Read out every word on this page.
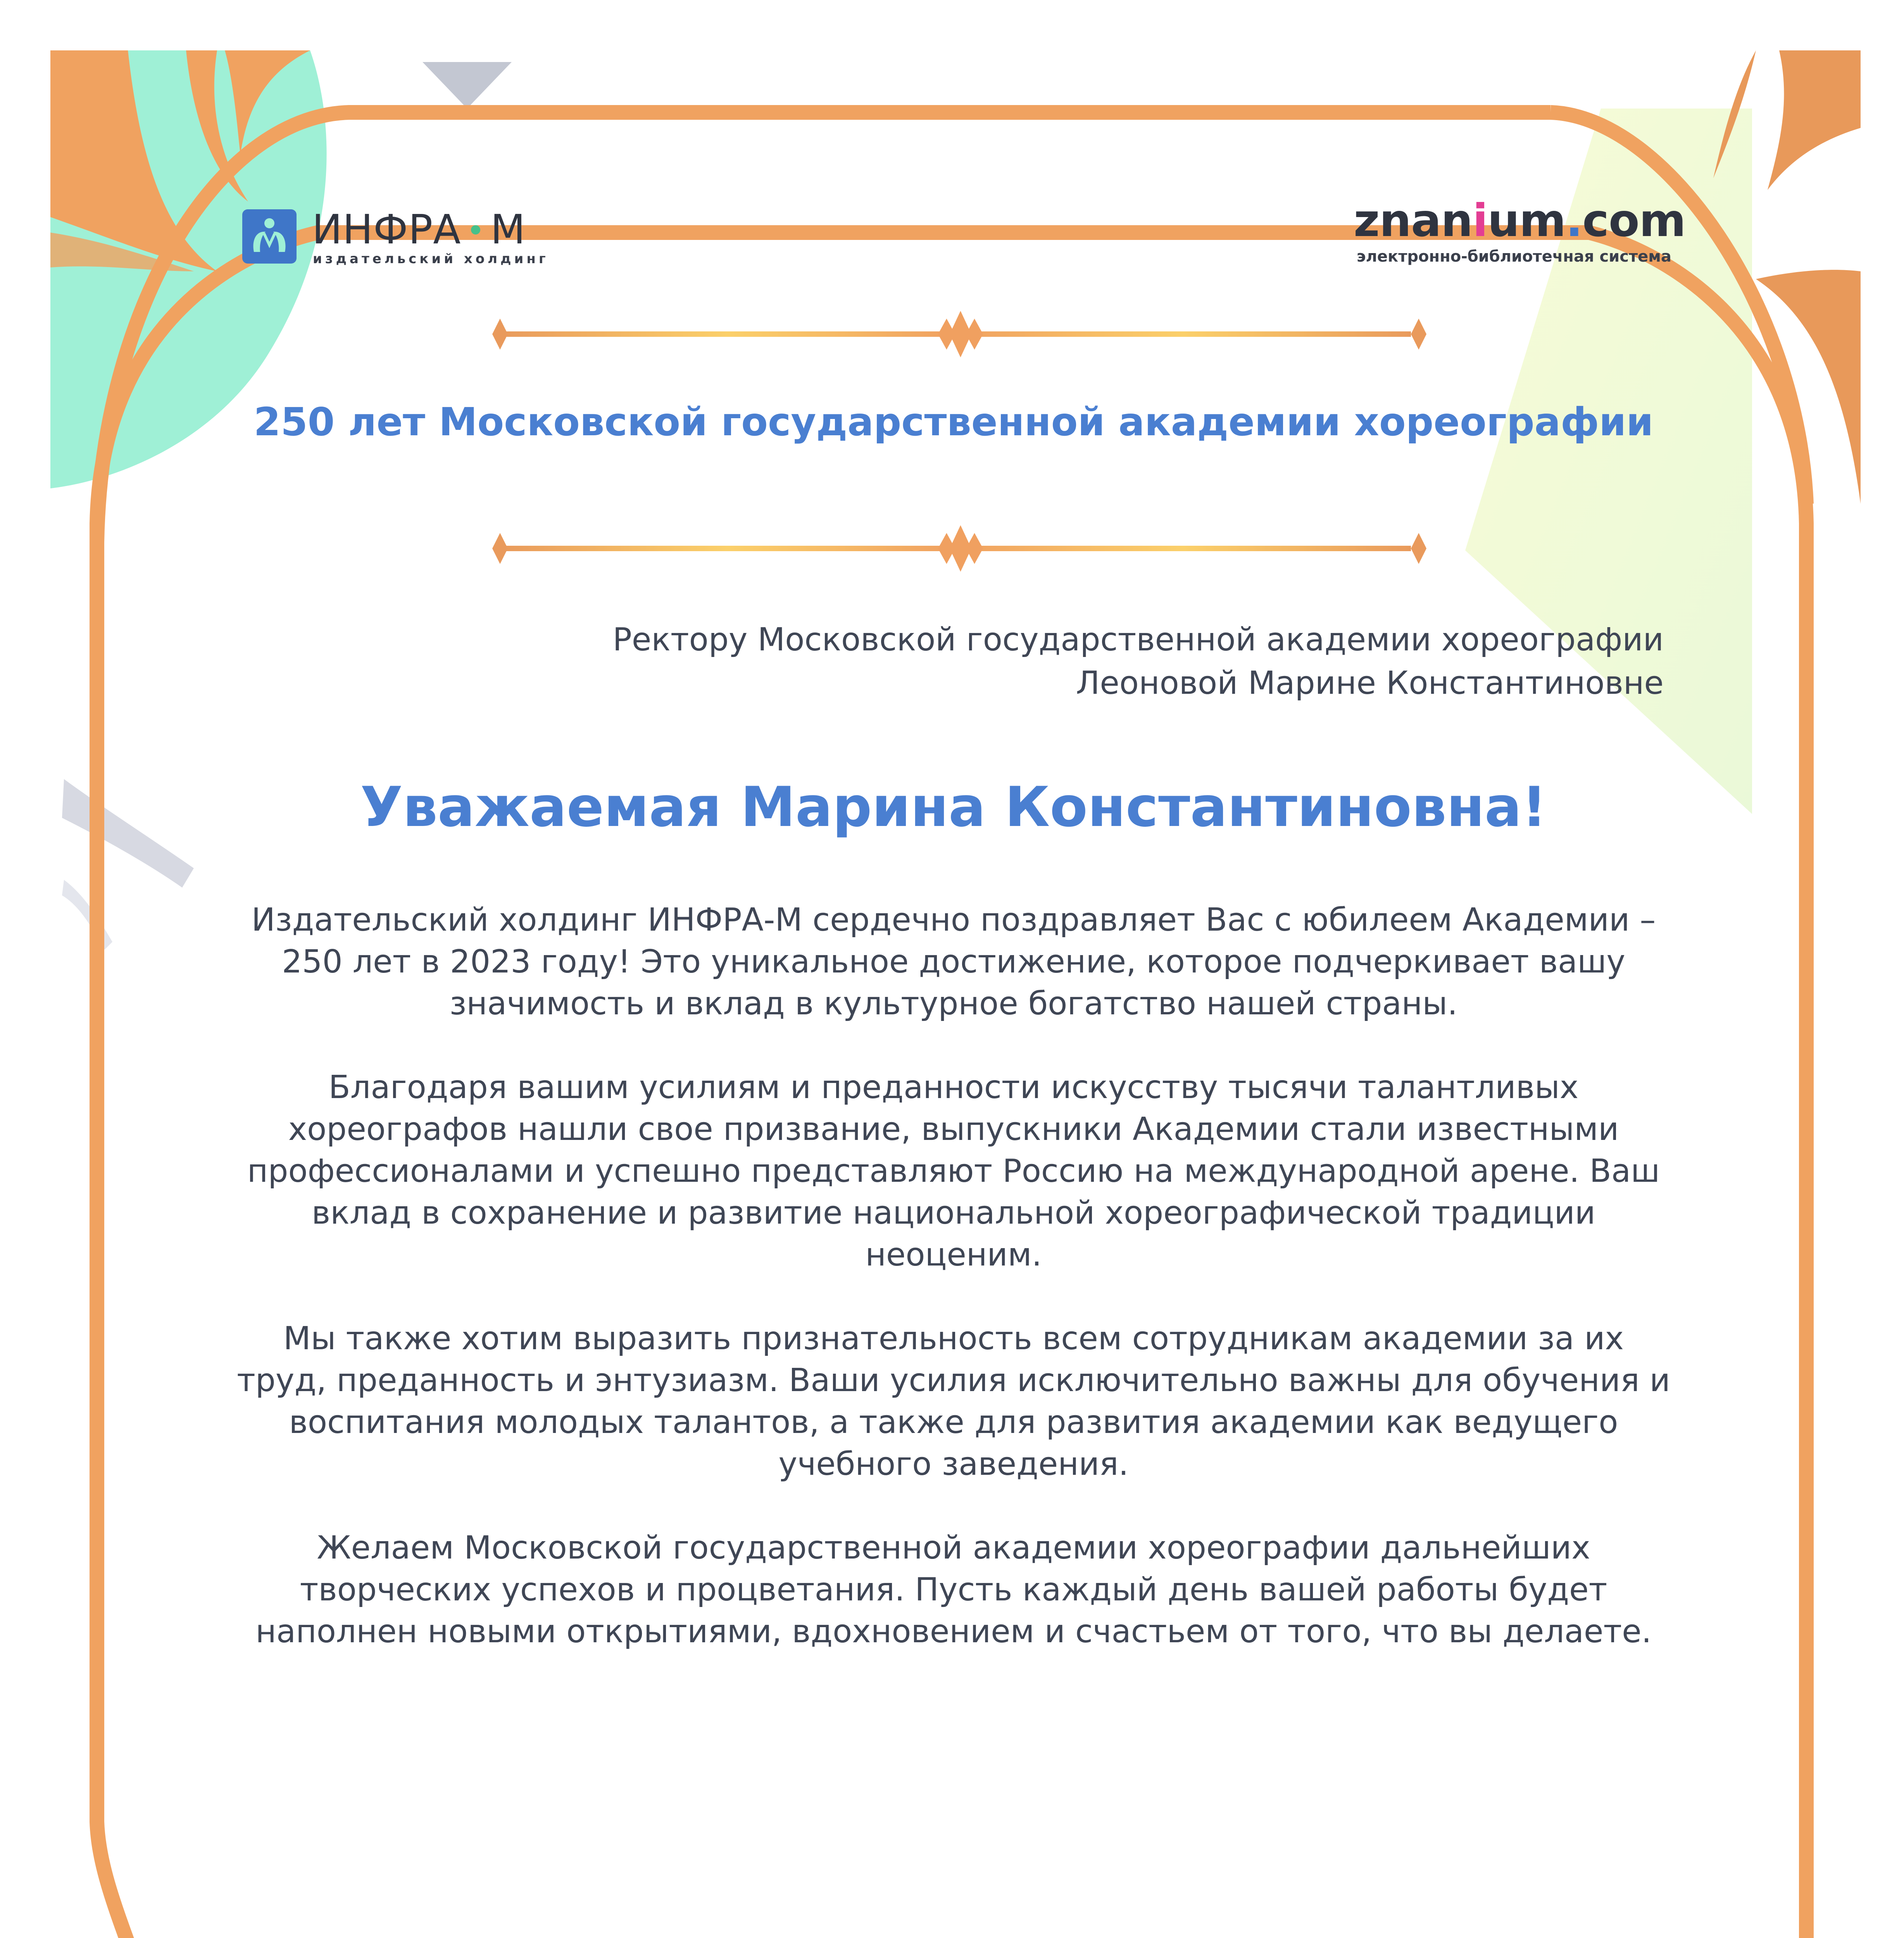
ИНФРА М
издательский холдинг
znanium.com
электронно-библиотечная система
250 лет Московской государственной академии хореографии
Ректору Московской государственной академии хореографии
Леоновой Марине Константиновне
Уважаемая Марина Константиновна!

Издательский холдинг ИНФРА-М сердечно поздравляет Вас с юбилеем Академии – 250 лет в 2023 году! Это уникальное достижение, которое подчеркивает вашу значимость и вклад в культурное богатство нашей страны.

Благодаря вашим усилиям и преданности искусству тысячи талантливых хореографов нашли свое призвание, выпускники Академии стали известными профессионалами и успешно представляют Россию на международной арене. Ваш вклад в сохранение и развитие национальной хореографической традиции неоценим.

Мы также хотим выразить признательность всем сотрудникам академии за их труд, преданность и энтузиазм. Ваши усилия исключительно важны для обучения и воспитания молодых талантов, а также для развития академии как ведущего учебного заведения.

Желаем Московской государственной академии хореографии дальнейших творческих успехов и процветания. Пусть каждый день вашей работы будет наполнен новыми открытиями, вдохновением и счастьем от того, что вы делаете.
